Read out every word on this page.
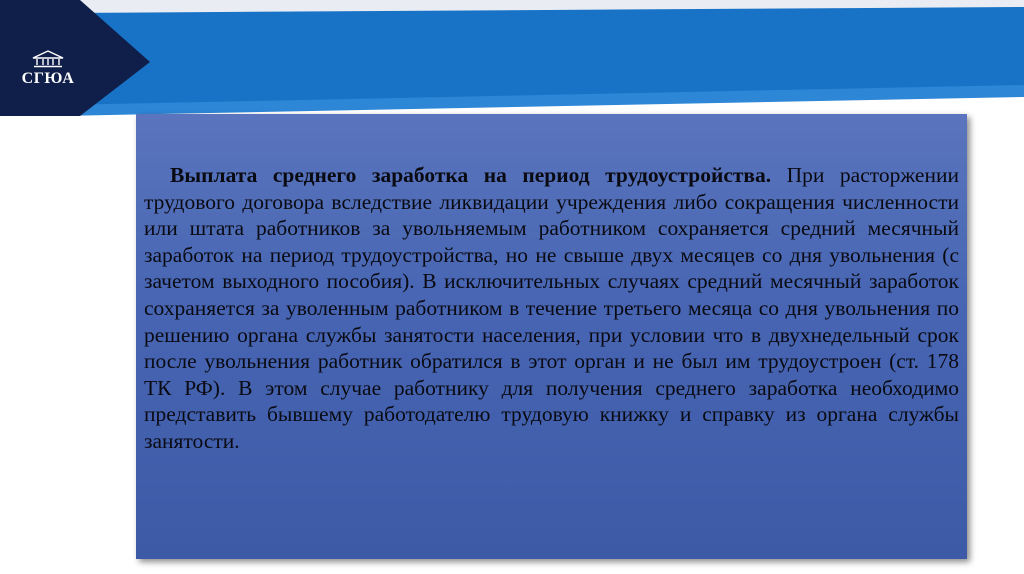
СГЮА

Выплата среднего заработка на период трудоустройства. При расторжении трудового договора вследствие ликвидации учреждения либо сокращения численности или штата работников за увольняемым работником сохраняется средний месячный заработок на период трудоустройства, но не свыше двух месяцев со дня увольнения (с зачетом выходного пособия). В исключительных случаях средний месячный заработок сохраняется за уволенным работником в течение третьего месяца со дня увольнения по решению органа службы занятости населения, при условии что в двухнедельный срок после увольнения работник обратился в этот орган и не был им трудоустроен (ст. 178 ТК РФ). В этом случае работнику для получения среднего заработка необходимо представить бывшему работодателю трудовую книжку и справку из органа службы занятости.
